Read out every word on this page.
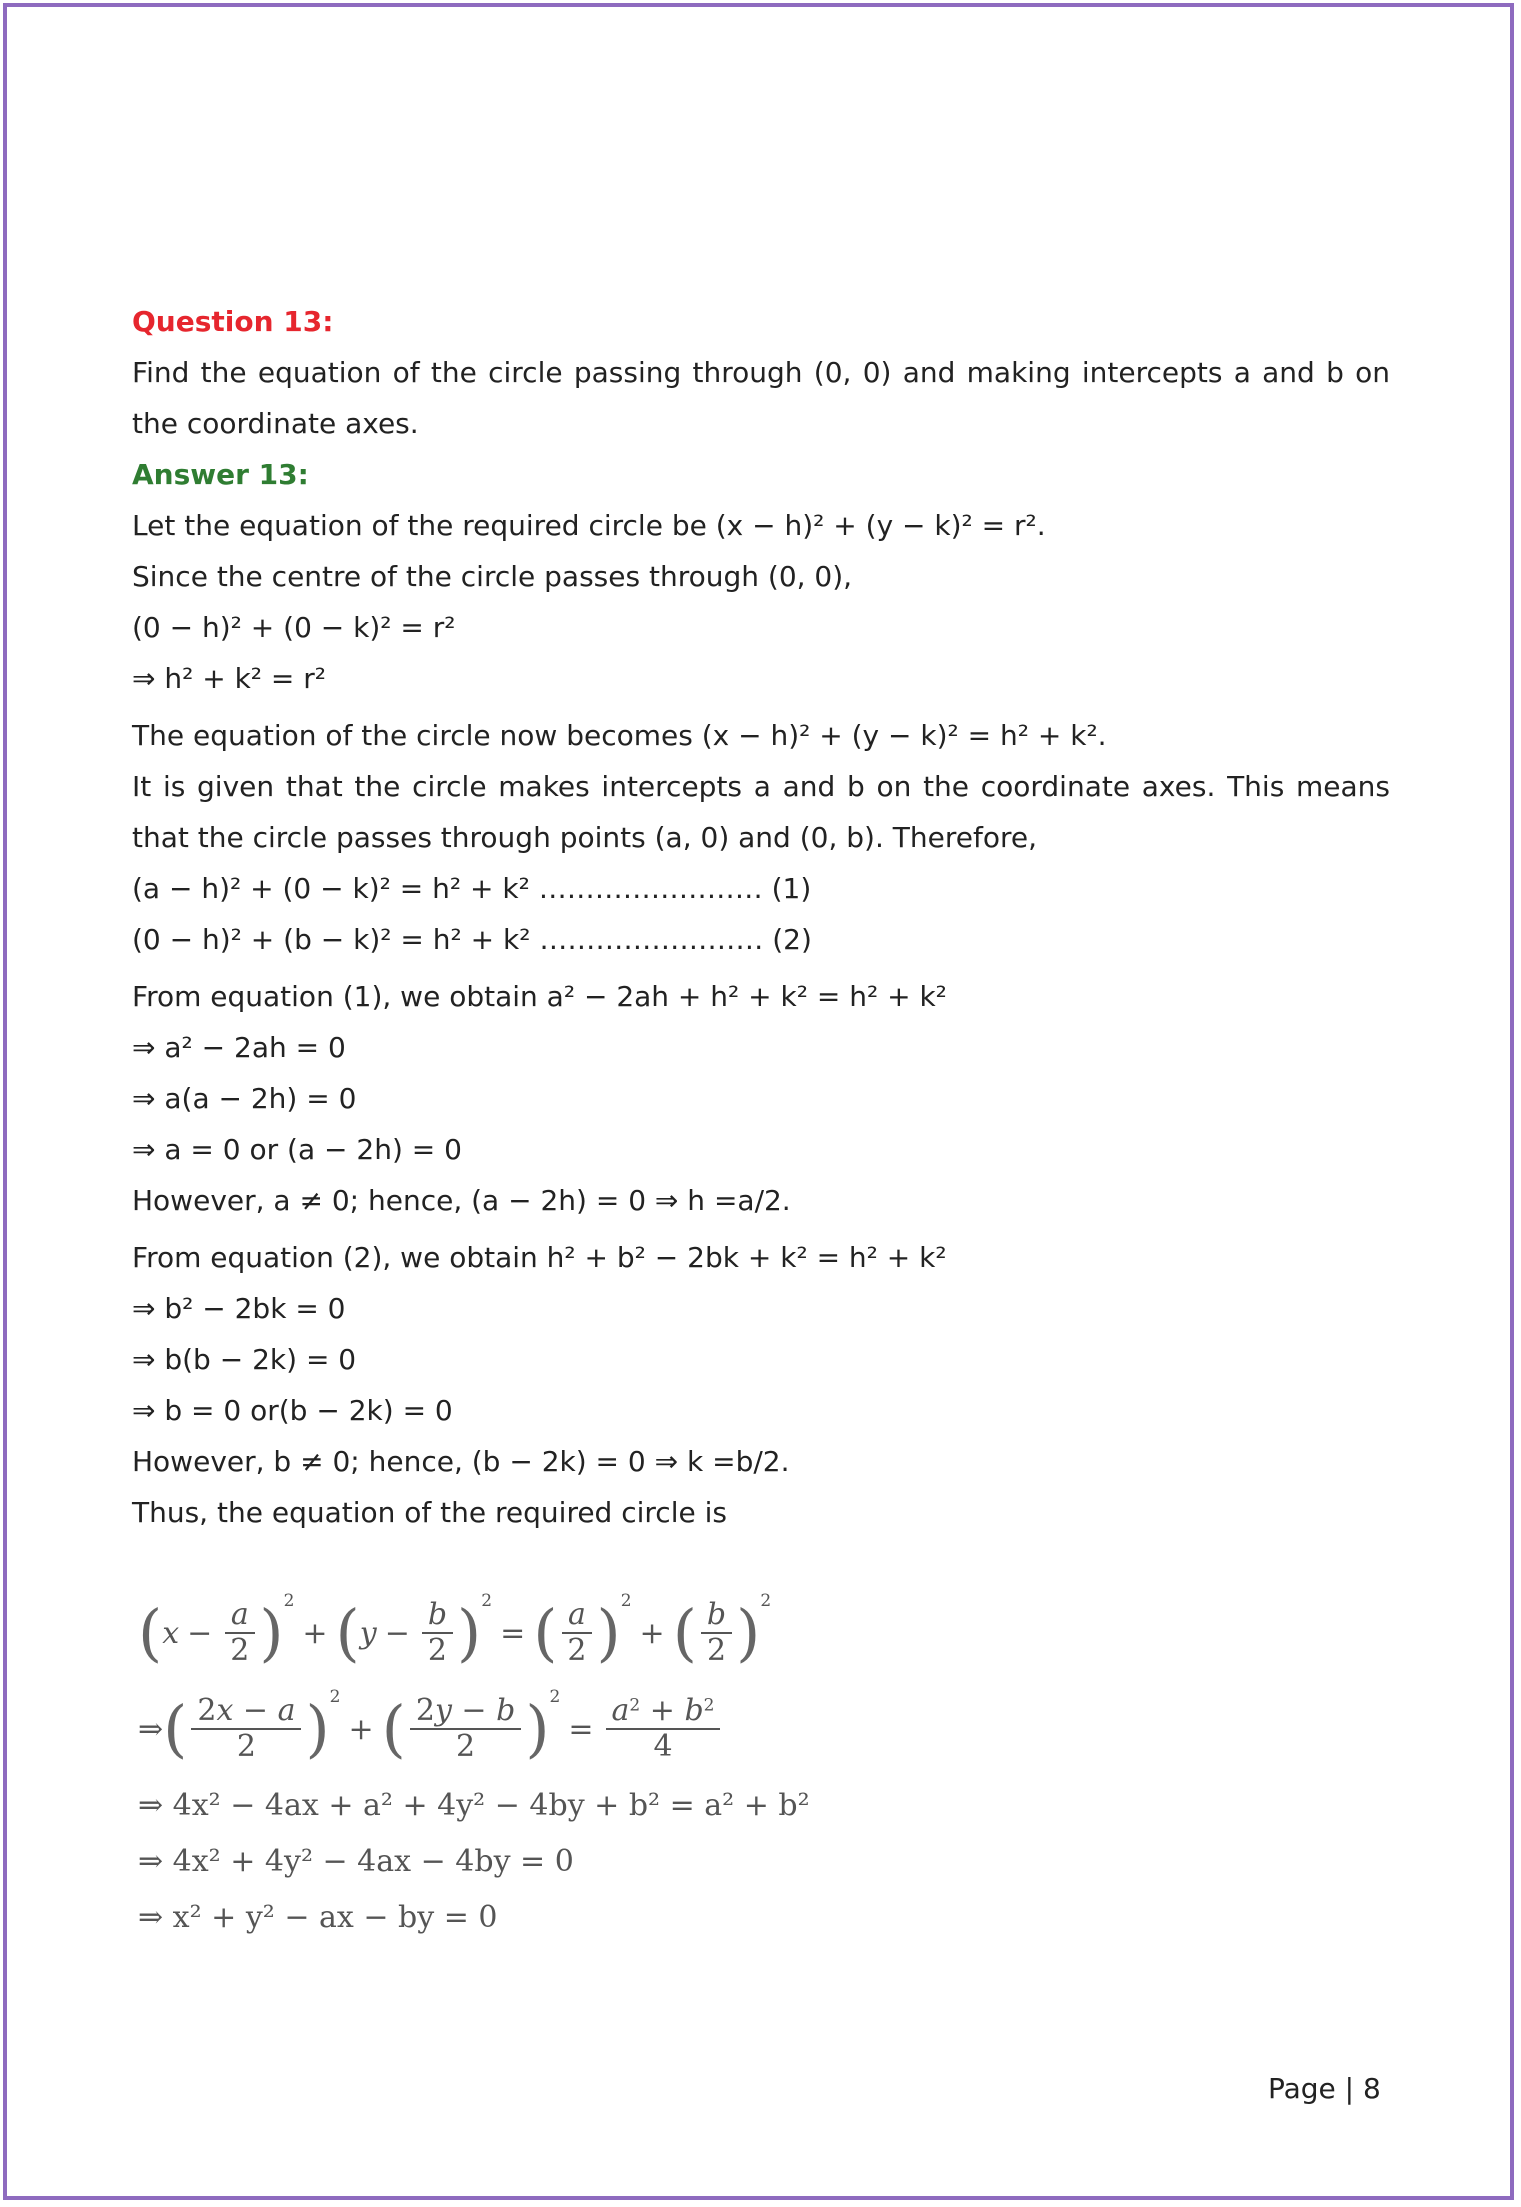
Question 13:
Find the equation of the circle passing through (0, 0) and making intercepts a and b on
the coordinate axes.
Answer 13:
Let the equation of the required circle be (x − h)² + (y − k)² = r².
Since the centre of the circle passes through (0, 0),
(0 − h)² + (0 − k)² = r²
⇒ h² + k² = r²
The equation of the circle now becomes (x − h)² + (y − k)² = h² + k².
It is given that the circle makes intercepts a and b on the coordinate axes. This means
that the circle passes through points (a, 0) and (0, b). Therefore,
(a − h)² + (0 − k)² = h² + k² …………………… (1)
(0 − h)² + (b − k)² = h² + k² …………………… (2)
From equation (1), we obtain a² − 2ah + h² + k² = h² + k²
⇒ a² − 2ah = 0
⇒ a(a − 2h) = 0
⇒ a = 0 or (a − 2h) = 0
However, a ≠ 0; hence, (a − 2h) = 0 ⇒ h =a/2.
From equation (2), we obtain h² + b² − 2bk + k² = h² + k²
⇒ b² − 2bk = 0
⇒ b(b − 2k) = 0
⇒ b = 0 or(b − 2k) = 0
However, b ≠ 0; hence, (b − 2k) = 0 ⇒ k =b/2.
Thus, the equation of the required circle is
( $x - \frac{a}{2}$ ) 2
+ ( $y - \frac{b}{2}$ ) 2
= ( $\frac{a}{2}$ ) 2
+ ( $\frac{b}{2}$ ) 2
⇒ ( $\frac{2x - a}{2}$ ) 2
+ ( $\frac{2y - b}{2}$ ) 2
= $\frac{a^2 + b^2}{4}$
⇒ 4x² − 4ax + a² + 4y² − 4by + b² = a² + b²
⇒ 4x² + 4y² − 4ax − 4by = 0
⇒ x² + y² − ax − by = 0
Page | 8
